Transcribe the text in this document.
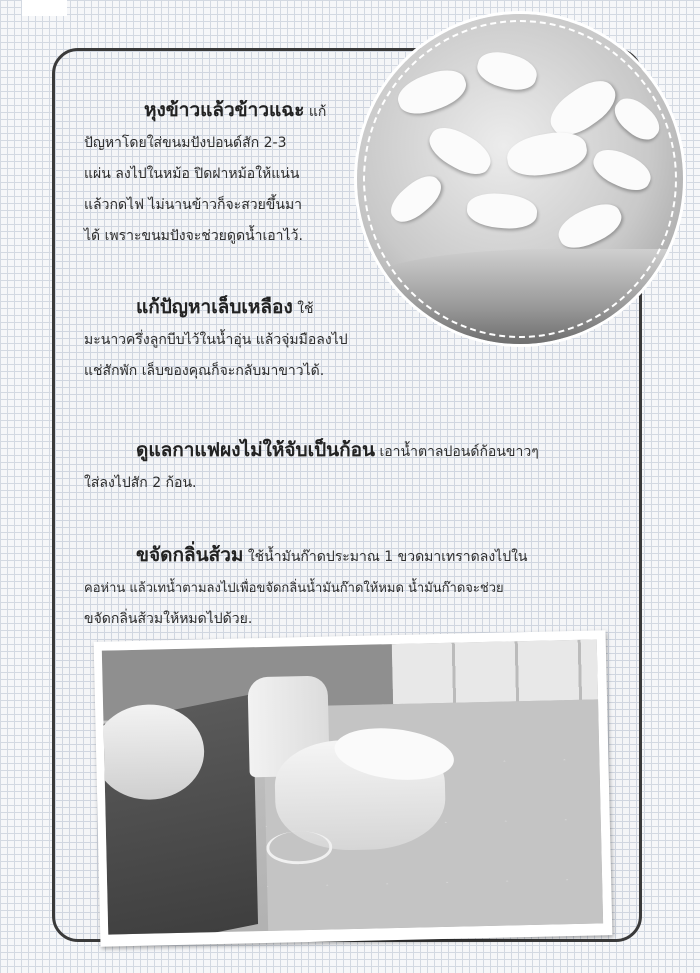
หุงข้าวแล้วข้าวแฉะ แก้
ปัญหาโดยใส่ขนมปังปอนด์สัก 2-3
แผ่น ลงไปในหม้อ ปิดฝาหม้อให้แน่น
แล้วกดไฟ ไม่นานข้าวก็จะสวยขึ้นมา
ได้ เพราะขนมปังจะช่วยดูดน้ำเอาไว้.

แก้ปัญหาเล็บเหลือง ใช้
มะนาวครึ่งลูกบีบไว้ในน้ำอุ่น แล้วจุ่มมือลงไป
แช่สักพัก เล็บของคุณก็จะกลับมาขาวได้.

ดูแลกาแฟผงไม่ให้จับเป็นก้อน เอาน้ำตาลปอนด์ก้อนขาวๆ
ใส่ลงไปสัก 2 ก้อน.

ขจัดกลิ่นส้วม ใช้น้ำมันก๊าดประมาณ 1 ขวดมาเทราดลงไปใน
คอห่าน แล้วเทน้ำตามลงไปเพื่อขจัดกลิ่นน้ำมันก๊าดให้หมด น้ำมันก๊าดจะช่วย
ขจัดกลิ่นส้วมให้หมดไปด้วย.
